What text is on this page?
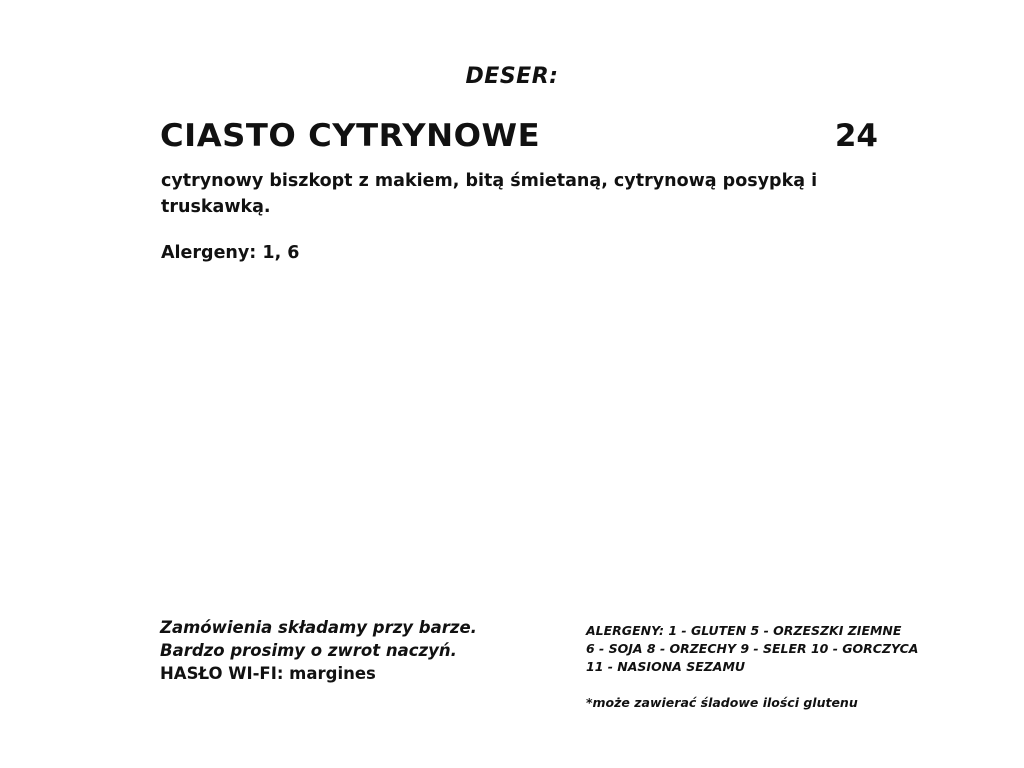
DESER:
CIASTO CYTRYNOWE	24
cytrynowy biszkopt z makiem, bitą śmietaną, cytrynową posypką i truskawką.
Alergeny: 1, 6
Zamówienia składamy przy barze.
Bardzo prosimy o zwrot naczyń.
HASŁO WI-FI: margines
ALERGENY: 1 - GLUTEN 5 - ORZESZKI ZIEMNE
6 - SOJA 8 - ORZECHY 9 - SELER 10 - GORCZYCA
11 - NASIONA SEZAMU
*może zawierać śladowe ilości glutenu
